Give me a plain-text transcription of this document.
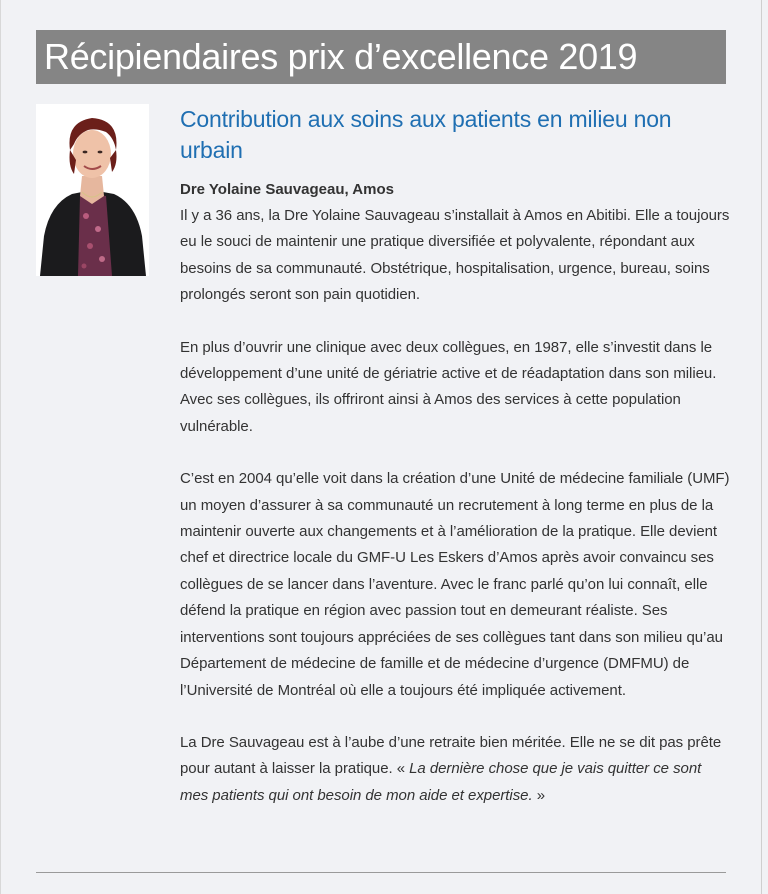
Récipiendaires prix d’excellence 2019
Contribution aux soins aux patients en milieu non urbain

Dre Yolaine Sauvageau, Amos

Il y a 36 ans, la Dre Yolaine Sauvageau s’installait à Amos en Abitibi. Elle a toujours eu le souci de maintenir une pratique diversifiée et polyvalente, répondant aux besoins de sa communauté. Obstétrique, hospitalisation, urgence, bureau, soins prolongés seront son pain quotidien.

En plus d’ouvrir une clinique avec deux collègues, en 1987, elle s’investit dans le développement d’une unité de gériatrie active et de réadaptation dans son milieu. Avec ses collègues, ils offriront ainsi à Amos des services à cette population vulnérable.

C’est en 2004 qu’elle voit dans la création d’une Unité de médecine familiale (UMF) un moyen d’assurer à sa communauté un recrutement à long terme en plus de la maintenir ouverte aux changements et à l’amélioration de la pratique. Elle devient chef et directrice locale du GMF-U Les Eskers d’Amos après avoir convaincu ses collègues de se lancer dans l’aventure. Avec le franc parlé qu’on lui connaît, elle défend la pratique en région avec passion tout en demeurant réaliste. Ses interventions sont toujours appréciées de ses collègues tant dans son milieu qu’au Département de médecine de famille et de médecine d’urgence (DMFMU) de l’Université de Montréal où elle a toujours été impliquée activement.

La Dre Sauvageau est à l’aube d’une retraite bien méritée. Elle ne se dit pas prête pour autant à laisser la pratique. « La dernière chose que je vais quitter ce sont mes patients qui ont besoin de mon aide et expertise. »
